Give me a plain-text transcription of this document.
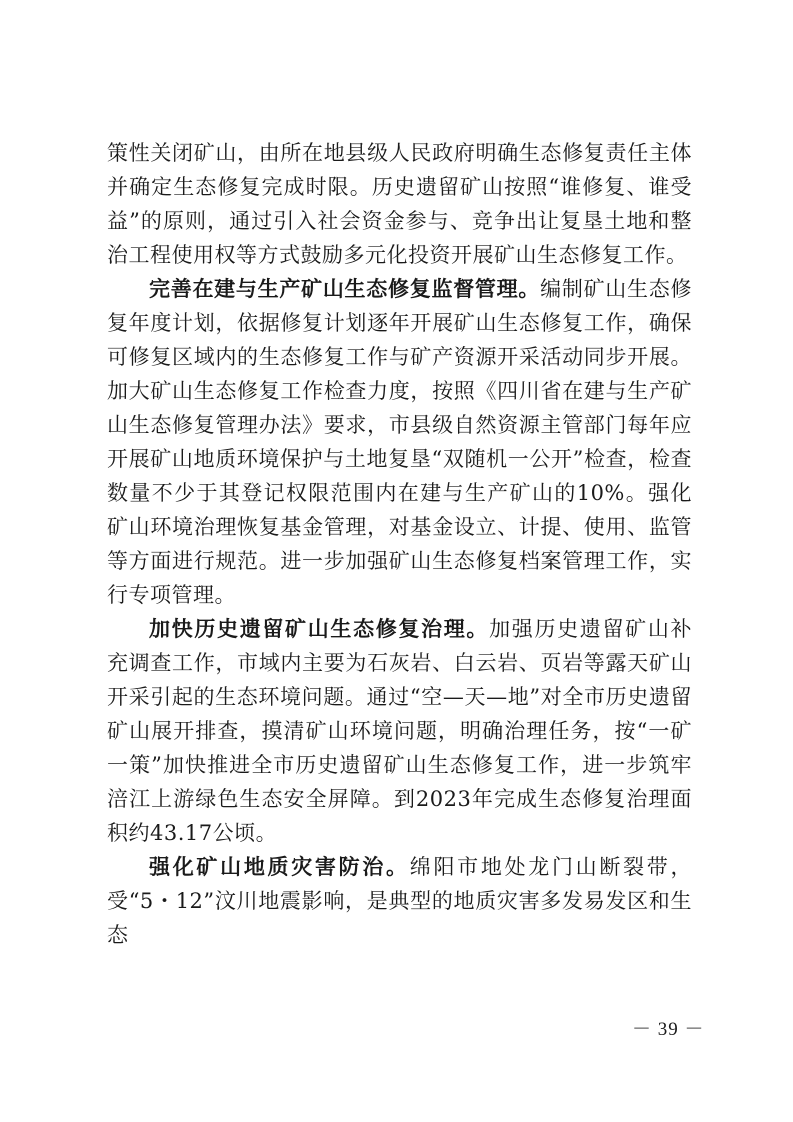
策性关闭矿山，由所在地县级人民政府明确生态修复责任主体并确定生态修复完成时限。历史遗留矿山按照“谁修复、谁受益”的原则，通过引入社会资金参与、竞争出让复垦土地和整治工程使用权等方式鼓励多元化投资开展矿山生态修复工作。

完善在建与生产矿山生态修复监督管理。编制矿山生态修复年度计划，依据修复计划逐年开展矿山生态修复工作，确保可修复区域内的生态修复工作与矿产资源开采活动同步开展。加大矿山生态修复工作检查力度，按照《四川省在建与生产矿山生态修复管理办法》要求，市县级自然资源主管部门每年应开展矿山地质环境保护与土地复垦“双随机一公开”检查，检查数量不少于其登记权限范围内在建与生产矿山的10%。强化矿山环境治理恢复基金管理，对基金设立、计提、使用、监管等方面进行规范。进一步加强矿山生态修复档案管理工作，实行专项管理。

加快历史遗留矿山生态修复治理。加强历史遗留矿山补 充调查工作，市域内主要为石灰岩、白云岩、页岩等露天矿山开采引起的生态环境问题。通过“空—天—地”对全市历史遗留矿山展开排查，摸清矿山环境问题，明确治理任务，按“一矿一策”加快推进全市历史遗留矿山生态修复工作，进一步筑牢涪江上游绿色生态安全屏障。到2023年完成生态修复治理面积约43.17公顷。

强化矿山地质灾害防治。绵阳市地处龙门山断裂带，受“5・12”汶川地震影响，是典型的地质灾害多发易发区和生态

－ 39 －
